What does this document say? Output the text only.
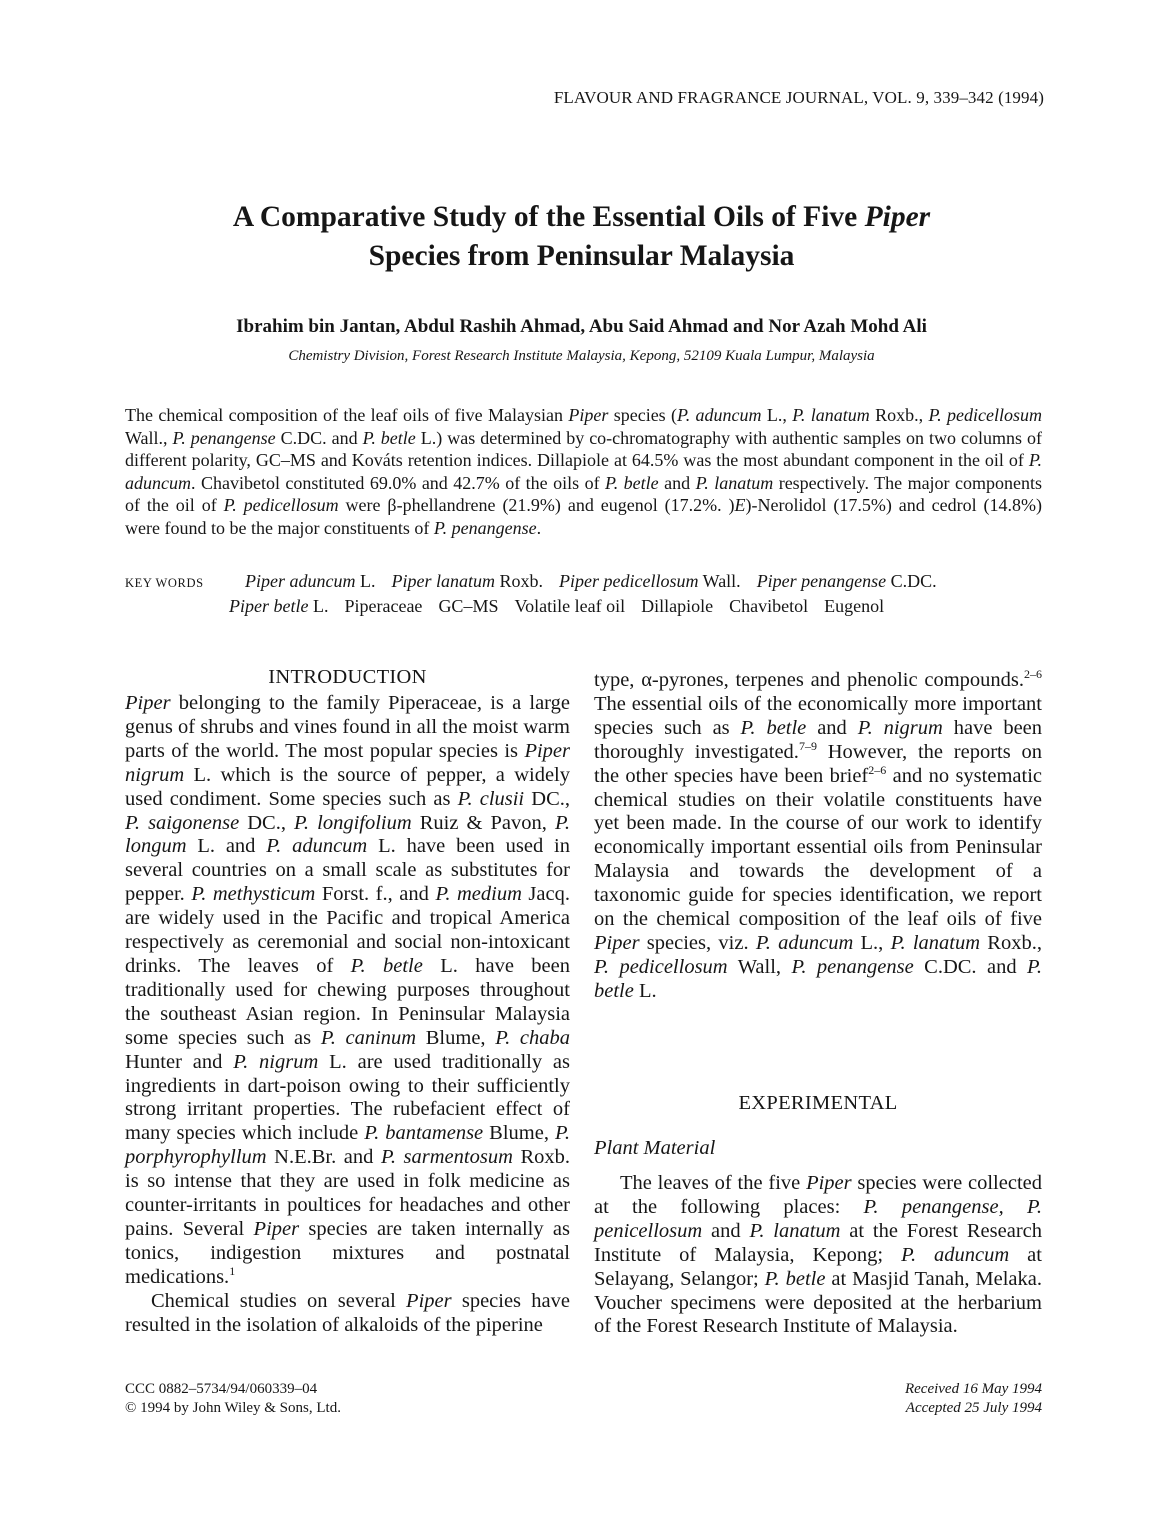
FLAVOUR AND FRAGRANCE JOURNAL, VOL. 9, 339–342 (1994)
A Comparative Study of the Essential Oils of Five Piper
Species from Peninsular Malaysia
Ibrahim bin Jantan, Abdul Rashih Ahmad, Abu Said Ahmad and Nor Azah Mohd Ali
Chemistry Division, Forest Research Institute Malaysia, Kepong, 52109 Kuala Lumpur, Malaysia
The chemical composition of the leaf oils of five Malaysian Piper species (P. aduncum L., P. lanatum Roxb., P. pedicellosum Wall., P. penangense C.DC. and P. betle L.) was determined by co-chromatography with authentic samples on two columns of different polarity, GC–MS and Kováts retention indices. Dillapiole at 64.5% was the most abundant component in the oil of P. aduncum. Chavibetol constituted 69.0% and 42.7% of the oils of P. betle and P. lanatum respectively. The major components of the oil of P. pedicellosum were β-phellandrene (21.9%) and eugenol (17.2%. )E)-Nerolidol (17.5%) and cedrol (14.8%) were found to be the major constituents of P. penangense.
KEY WORDS Piper aduncum L. Piper lanatum Roxb. Piper pedicellosum Wall. Piper penangense C.DC.
Piper betle L. Piperaceae GC–MS Volatile leaf oil Dillapiole Chavibetol Eugenol
INTRODUCTION

Piper belonging to the family Piperaceae, is a large genus of shrubs and vines found in all the moist warm parts of the world. The most popular species is Piper nigrum L. which is the source of pepper, a widely used condiment. Some species such as P. clusii DC., P. saigonense DC., P. longifolium Ruiz & Pavon, P. longum L. and P. aduncum L. have been used in several countries on a small scale as substitutes for pepper. P. methysticum Forst. f., and P. medium Jacq. are widely used in the Pacific and tropical America respectively as ceremonial and social non-intoxicant drinks. The leaves of P. betle L. have been traditionally used for chewing purposes throughout the southeast Asian region. In Peninsular Malaysia some species such as P. caninum Blume, P. chaba Hunter and P. nigrum L. are used traditionally as ingredients in dart-poison owing to their sufficiently strong irritant properties. The rubefacient effect of many species which include P. bantamense Blume, P. porphyrophyllum N.E.Br. and P. sarmentosum Roxb. is so intense that they are used in folk medicine as counter-irritants in poultices for headaches and other pains. Several Piper species are taken internally as tonics, indigestion mixtures and postnatal medications.$^1$

Chemical studies on several Piper species have resulted in the isolation of alkaloids of the piperine

EXPERIMENTAL
Plant Material

The leaves of the five Piper species were collected at the following places: P. penangense, P. penicellosum and P. lanatum at the Forest Research Institute of Malaysia, Kepong; P. aduncum at Selayang, Selangor; P. betle at Masjid Tanah, Melaka. Voucher specimens were deposited at the herbarium of the Forest Research Institute of Malaysia.

CCC 0882–5734/94/060339–04
© 1994 by John Wiley & Sons, Ltd.
Received 16 May 1994
Accepted 25 July 1994

type, α-pyrones, terpenes and phenolic compounds.$^{2-6}$ The essential oils of the economically more important species such as P. betle and P. nigrum have been thoroughly investigated.$^{7-9}$ However, the reports on the other species have been brief$^{2-6}$ and no systematic chemical studies on their volatile constituents have yet been made. In the course of our work to identify economically important essential oils from Peninsular Malaysia and towards the development of a taxonomic guide for species identification, we report on the chemical composition of the leaf oils of five Piper species, viz. P. aduncum L., P. lanatum Roxb., P. pedicellosum Wall, P. penangense C.DC. and P. betle L.
